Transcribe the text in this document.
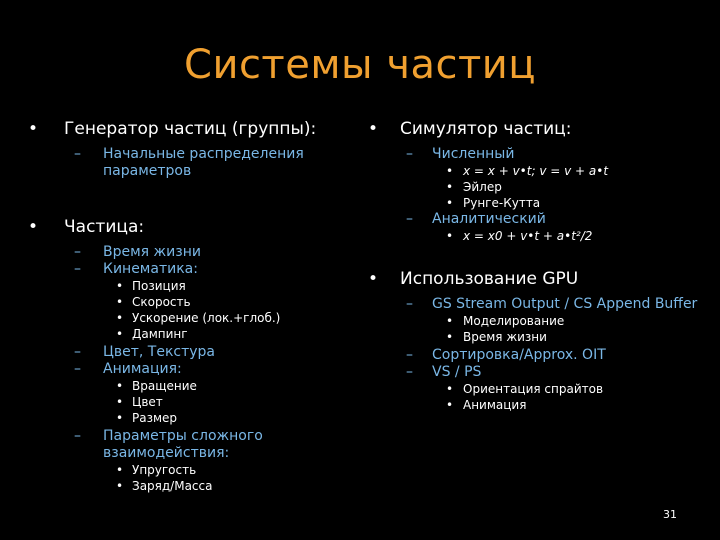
Системы частиц
• Генератор частиц (группы):
– Начальные распределения параметров
• Частица:
– Время жизни
– Кинематика:
• Позиция
• Скорость
• Ускорение (лок.+глоб.)
• Дампинг
– Цвет, Текстура
– Анимация:
• Вращение
• Цвет
• Размер
– Параметры сложного взаимодействия:
• Упругость
• Заряд/Масса
• Симулятор частиц:
– Численный
• x = x + v•t; v = v + a•t
• Эйлер
• Рунге-Кутта
– Аналитический
• x = x0 + v•t + a•t²/2
• Использование GPU
– GS Stream Output / CS Append Buffer
• Моделирование
• Время жизни
– Сортировка/Approx. OIT
– VS / PS
• Ориентация спрайтов
• Анимация
31
